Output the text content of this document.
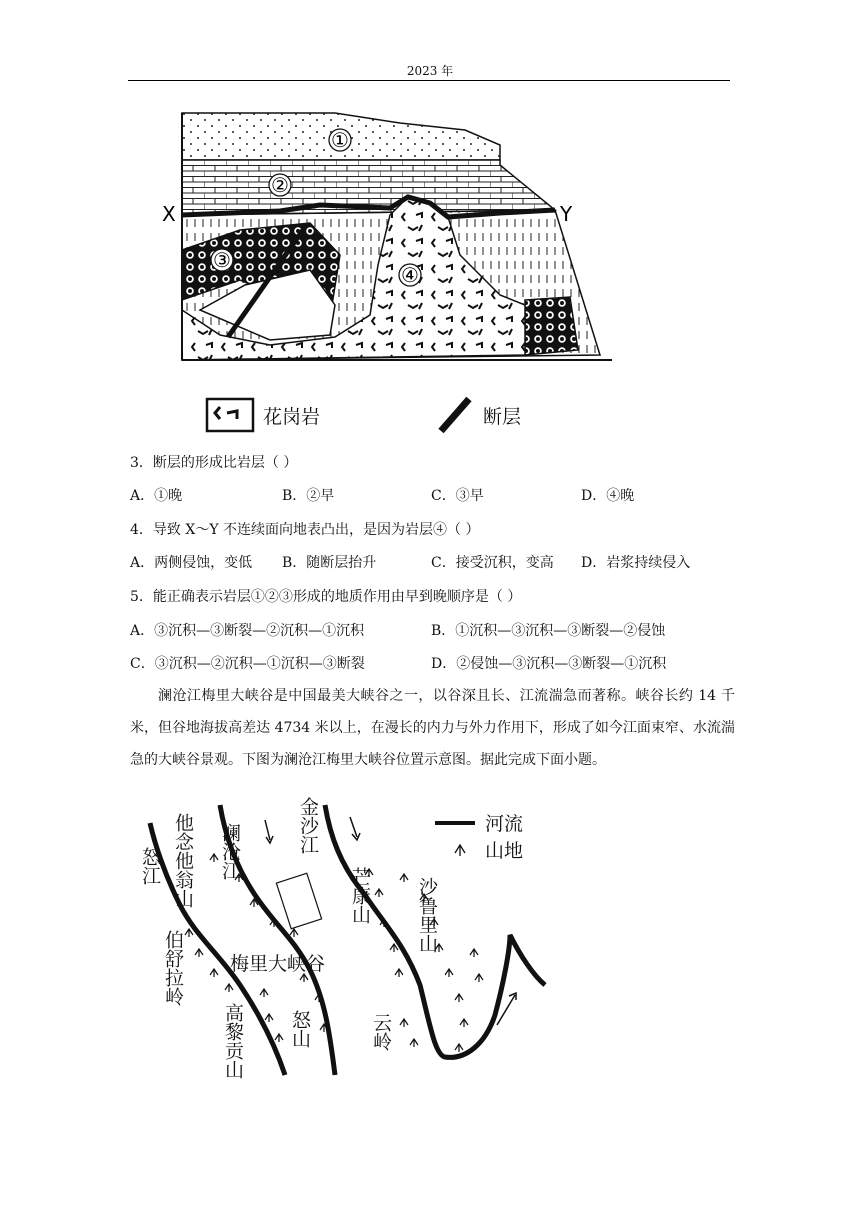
2023 年
①
②
③
④
X	Y
花岗岩	断层
3．断层的形成比岩层（ ）
A．①晚	B．②早	C．③早	D．④晚
4．导致 X～Y 不连续面向地表凸出，是因为岩层④（ ）
A．两侧侵蚀，变低 B．随断层抬升	C．接受沉积，变高 D．岩浆持续侵入
5．能正确表示岩层①②③形成的地质作用由早到晚顺序是（ ）
A．③沉积—③断裂—②沉积—①沉积	B．①沉积—③沉积—③断裂—②侵蚀
C．③沉积—②沉积—①沉积—③断裂	D．②侵蚀—③沉积—③断裂—①沉积
澜沧江梅里大峡谷是中国最美大峡谷之一，以谷深且长、江流湍急而著称。峡谷长约 14 千米，但谷地海拔高差达 4734 米以上，在漫长的内力与外力作用下，形成了如今江面束窄、水流湍急的大峡谷景观。下图为澜沧江梅里大峡谷位置示意图。据此完成下面小题。
河流
山地
怒江 他念他翁山 澜沧江	金沙江
芒康山 沙鲁里山
伯舒拉岭 梅里大峡谷
高黎贡山 怒山	云岭
